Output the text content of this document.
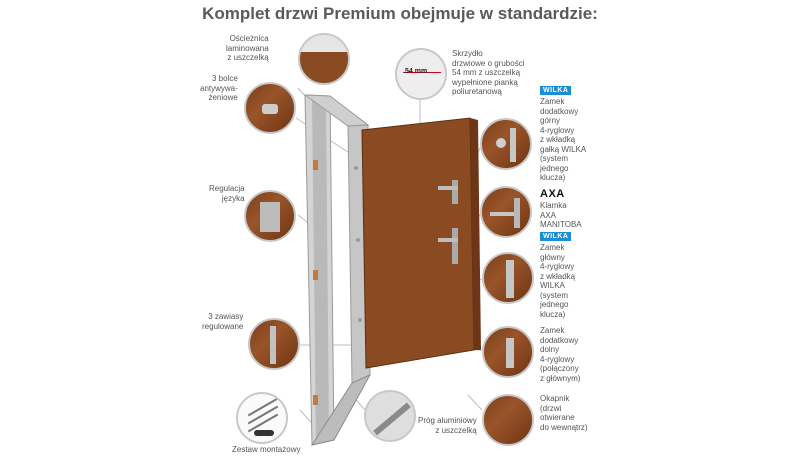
Komplet drzwi Premium obejmuje w standardzie:
Ościeżnica
laminowana
z uszczelką
3 bolce
antywywa-
żeniowe
Regulacja
języka
3 zawiasy
regulowane
Zestaw montażowy
54 mm
Skrzydło
drzwiowe o grubości
54 mm z uszczelką
wypełnione pianką
poliuretanową	WILKA
Zamek
dodatkowy
górny
4-ryglowy
z wkładką
gałką WILKA
(system
jednego
klucza)
AXA
Klamka
AXA
MANITOBA
WILKA
Zamek
główny
4-ryglowy
z wkładką
WILKA
(system
jednego
klucza)
Zamek
dodatkowy
dolny
4-ryglowy
(połączony
z głównym)
Próg aluminiowy
z uszczelką
Okapnik
(drzwi
otwierane
do wewnątrz)
